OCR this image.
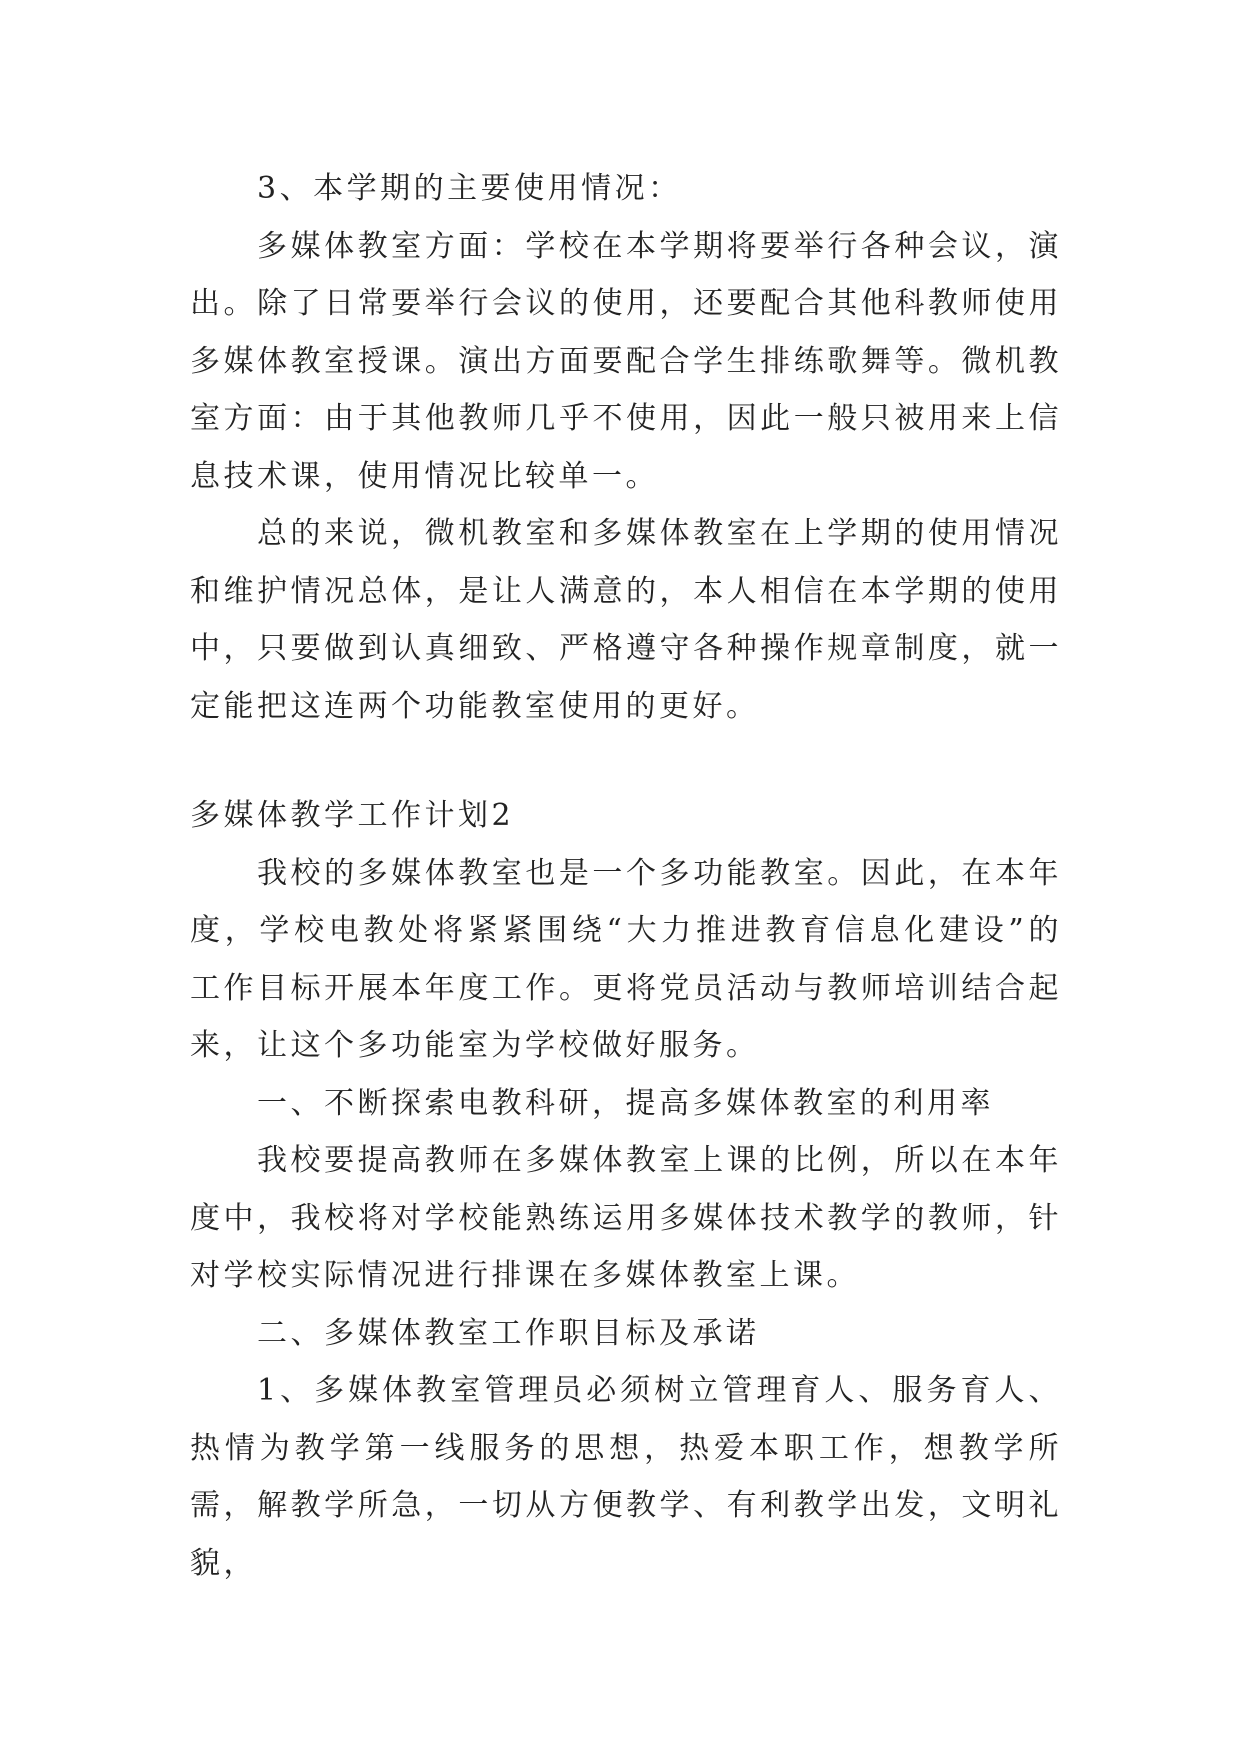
3、本学期的主要使用情况：

多媒体教室方面：学校在本学期将要举行各种会议，演出。除了日常要举行会议的使用，还要配合其他科教师使用多媒体教室授课。演出方面要配合学生排练歌舞等。微机教室方面：由于其他教师几乎不使用，因此一般只被用来上信息技术课，使用情况比较单一。

总的来说，微机教室和多媒体教室在上学期的使用情况和维护情况总体，是让人满意的，本人相信在本学期的使用中，只要做到认真细致、严格遵守各种操作规章制度，就一定能把这连两个功能教室使用的更好。

多媒体教学工作计划2

我校的多媒体教室也是一个多功能教室。因此，在本年度，学校电教处将紧紧围绕“大力推进教育信息化建设”的工作目标开展本年度工作。更将党员活动与教师培训结合起来，让这个多功能室为学校做好服务。

一、不断探索电教科研，提高多媒体教室的利用率

我校要提高教师在多媒体教室上课的比例，所以在本年度中，我校将对学校能熟练运用多媒体技术教学的教师，针对学校实际情况进行排课在多媒体教室上课。

二、多媒体教室工作职目标及承诺

1、多媒体教室管理员必须树立管理育人、服务育人、热情为教学第一线服务的思想，热爱本职工作，想教学所需，解教学所急，一切从方便教学、有利教学出发，文明礼貌，
